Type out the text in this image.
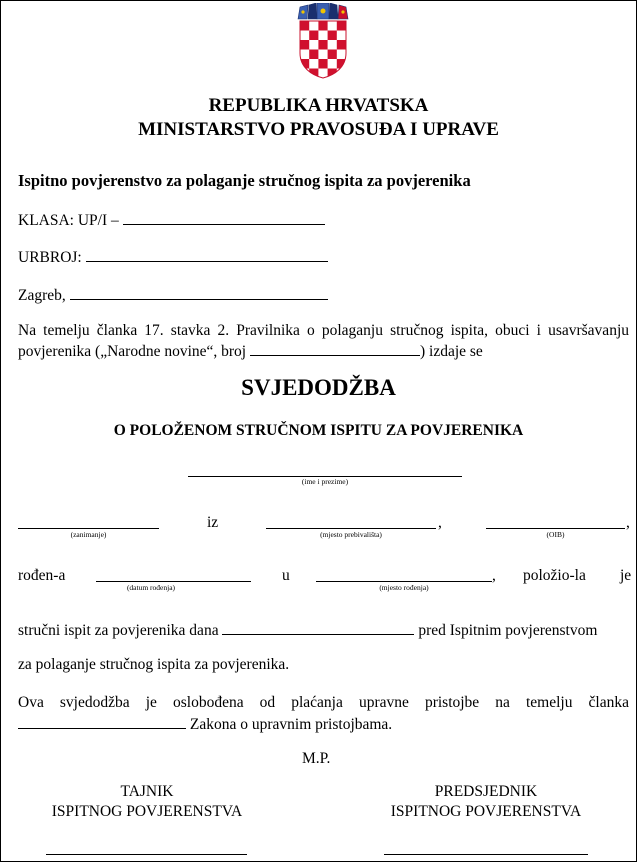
REPUBLIKA HRVATSKA
MINISTARSTVO PRAVOSUĐA I UPRAVE
Ispitno povjerenstvo za polaganje stručnog ispita za povjerenika
KLASA: UP/I –
URBROJ:
Zagreb,
Na temelju članka 17. stavka 2. Pravilnika o polaganju stručnog ispita, obuci i usavršavanju
povjerenika („Narodne novine“, broj	) izdaje se
SVJEDODŽBA
O POLOŽENOM STRUČNOM ISPITU ZA POVJERENIKA
(ime i prezime)
(zanimanje)
iz	,
(mjesto prebivališta)
,
(OIB)
rođen-a
(datum rođenja)
u	,
(mjesto rođenja)
položio-la je
stručni ispit za povjerenika dana	pred Ispitnim povjerenstvom
za polaganje stručnog ispita za povjerenika.
Ova svjedodžba je oslobođena od plaćanja upravne pristojbe na temelju članka
Zakona o upravnim pristojbama.
M.P.
TAJNIK
ISPITNOG POVJERENSTVA
PREDSJEDNIK
ISPITNOG POVJERENSTVA
